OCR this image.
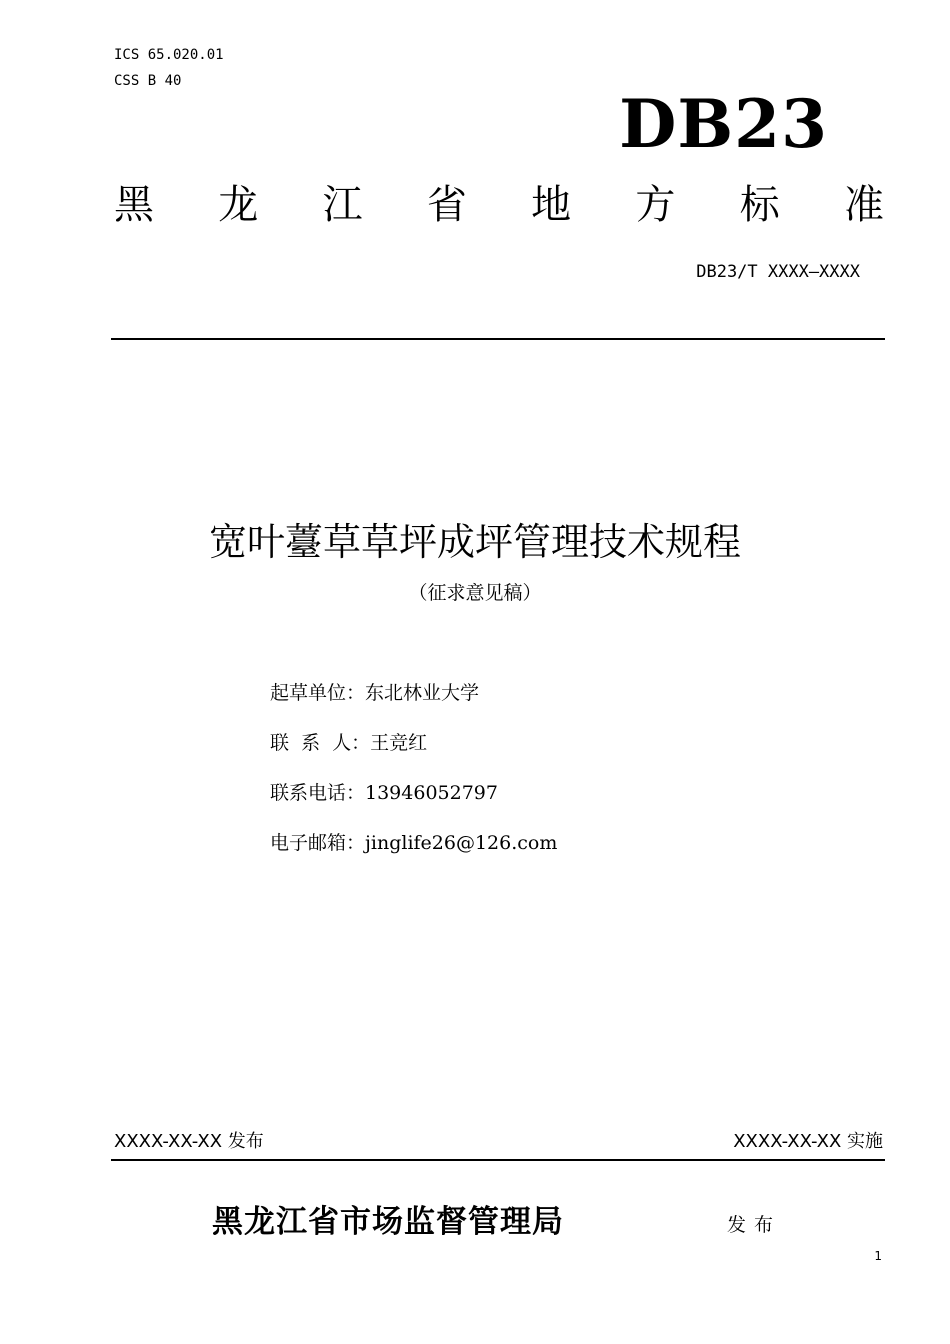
ICS 65.020.01
CSS B 40
DB23
黑 龙 江 省 地 方 标 准
DB23/T XXXX—XXXX
宽叶薹草草坪成坪管理技术规程
（征求意见稿）
起草单位：东北林业大学
联  系  人：王竞红
联系电话：13946052797
电子邮箱：jinglife26@126.com
XXXX-XX-XX 发布	XXXX-XX-XX 实施
黑龙江省市场监督管理局	发布
1
